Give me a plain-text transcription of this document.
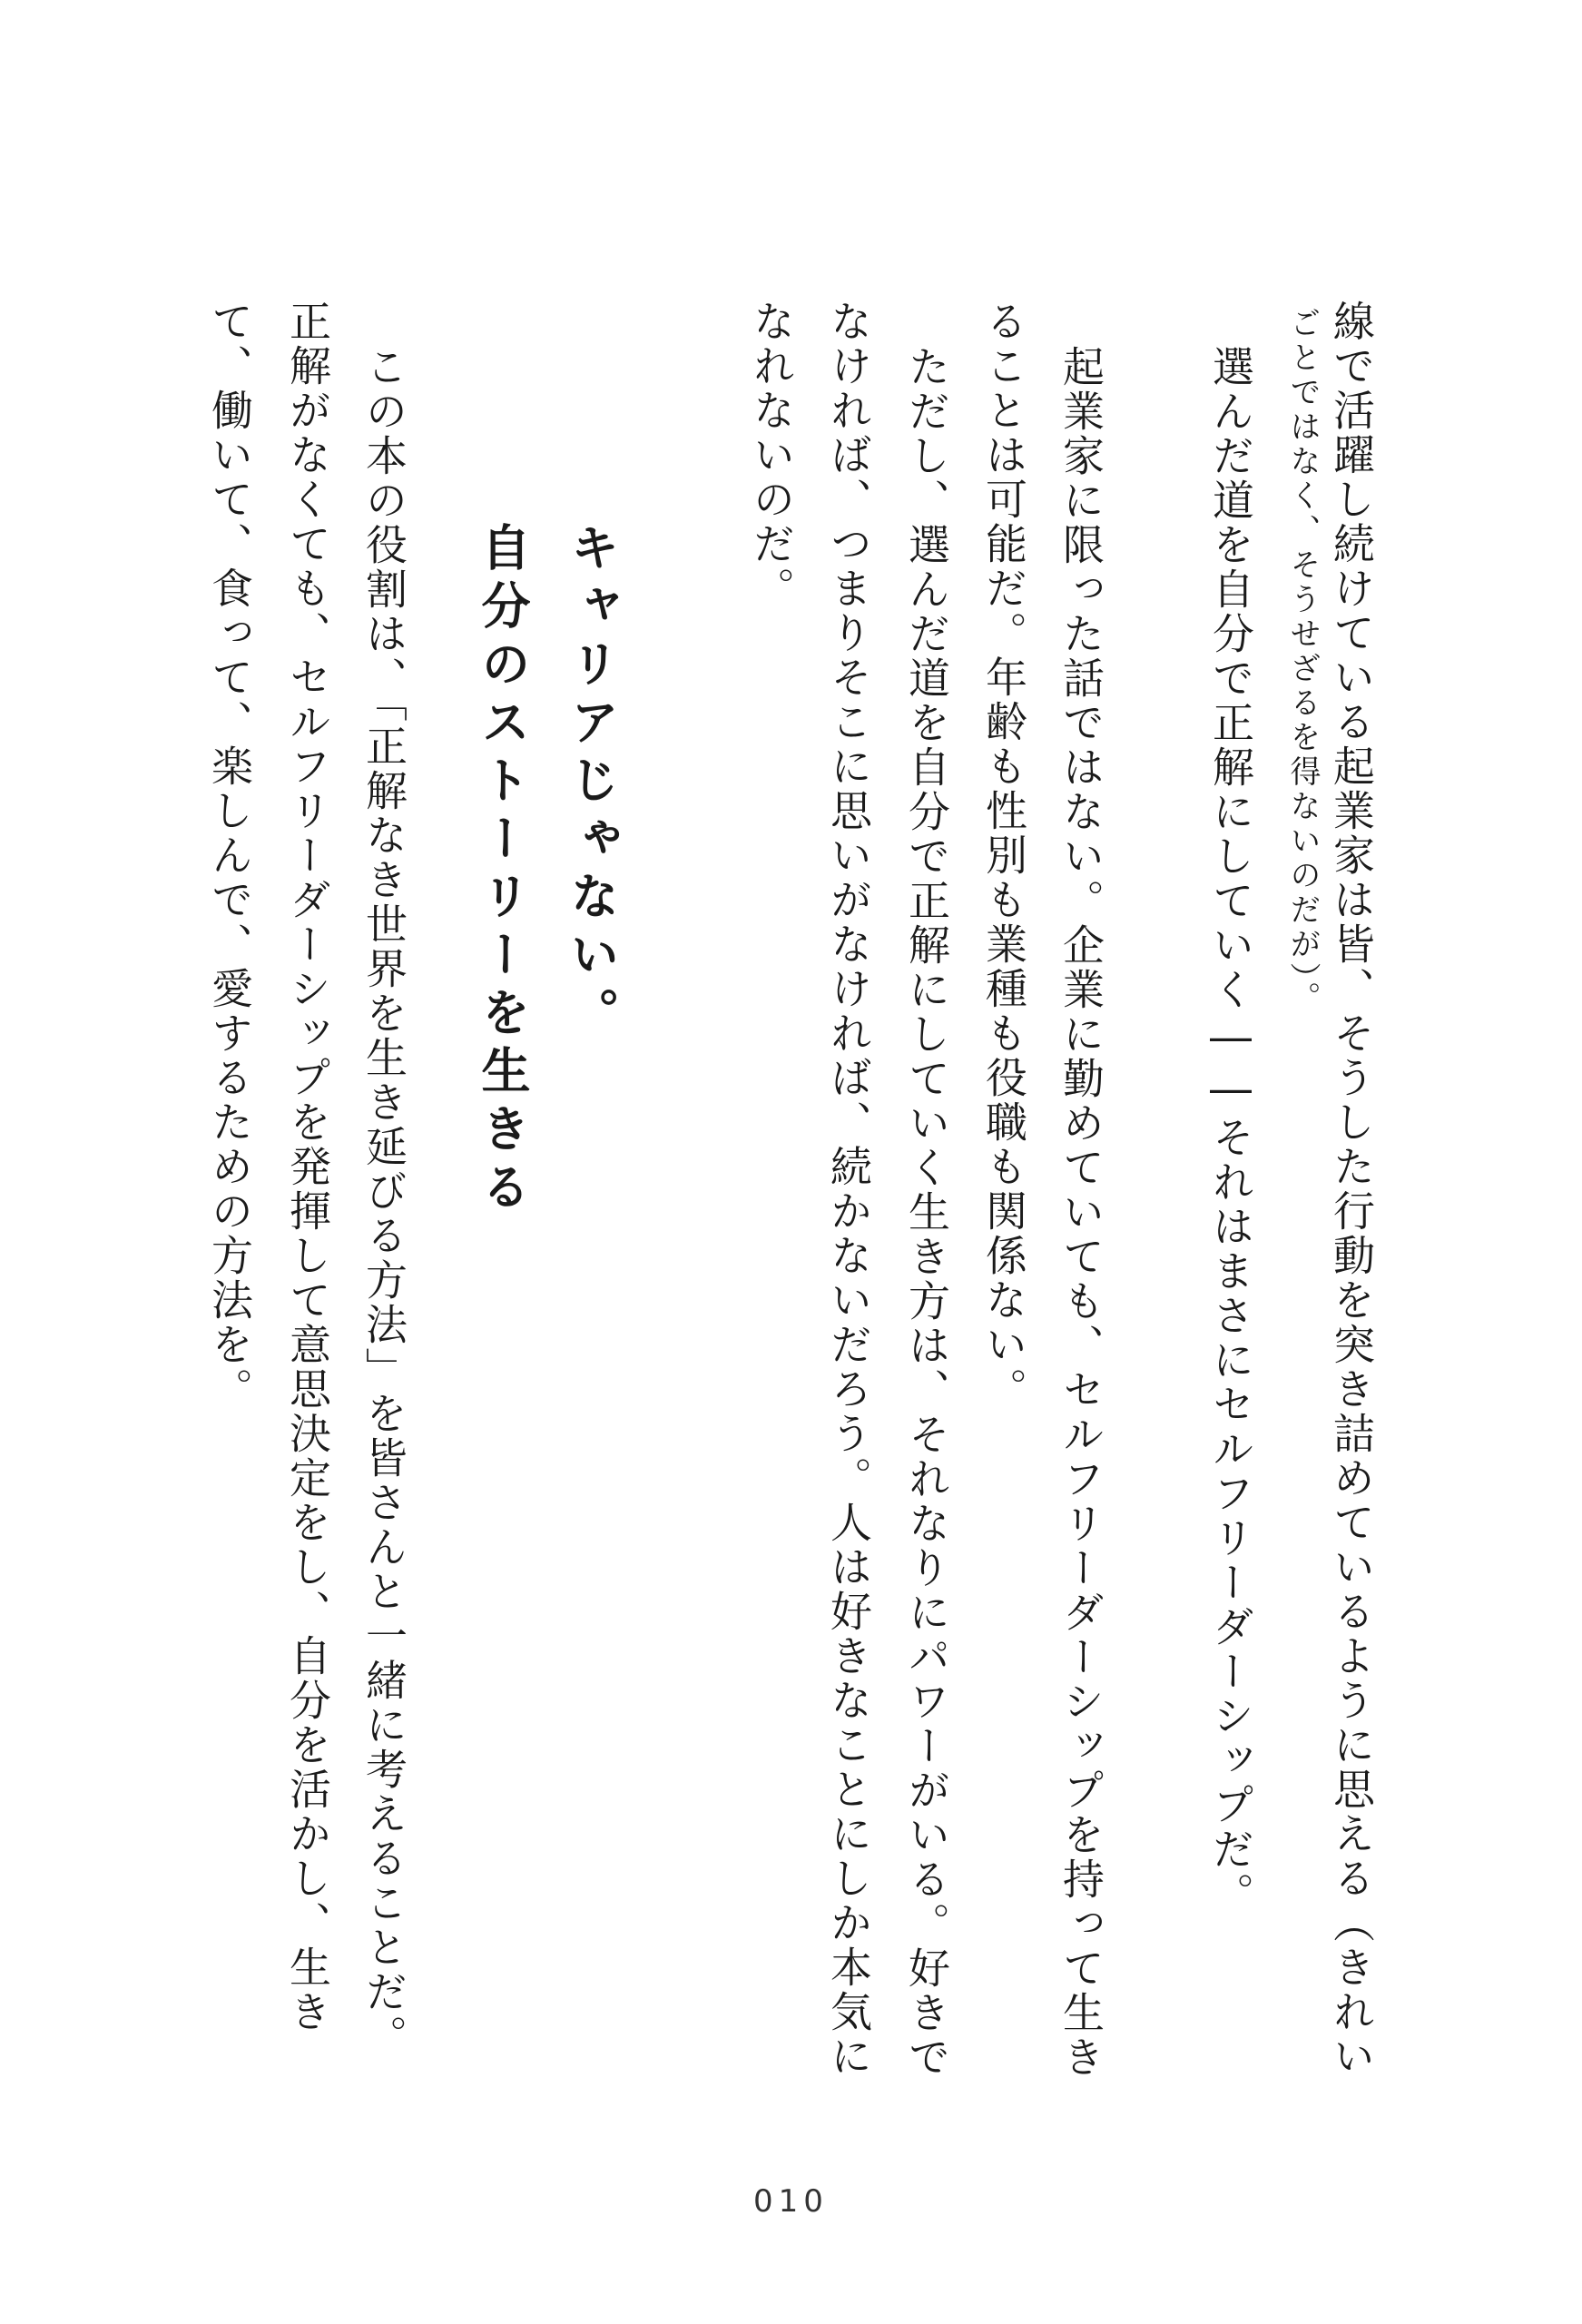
線で活躍し続けている起業家は皆、そうした行動を突き詰めているように思える（きれい
ごとではなく、そうせざるを得ないのだが）。
選んだ道を自分で正解にしていく――それはまさにセルフリーダーシップだ。
起業家に限った話ではない。企業に勤めていても、セルフリーダーシップを持って生き
ることは可能だ。年齢も性別も業種も役職も関係ない。
ただし、選んだ道を自分で正解にしていく生き方は、それなりにパワーがいる。好きで
なければ、つまりそこに思いがなければ、続かないだろう。人は好きなことにしか本気に
なれないのだ。
キャリアじゃない。
自分のストーリーを生きる
この本の役割は、「正解なき世界を生き延びる方法」を皆さんと一緒に考えることだ。
正解がなくても、セルフリーダーシップを発揮して意思決定をし、自分を活かし、生き
て、働いて、食って、楽しんで、愛するための方法を。
010
